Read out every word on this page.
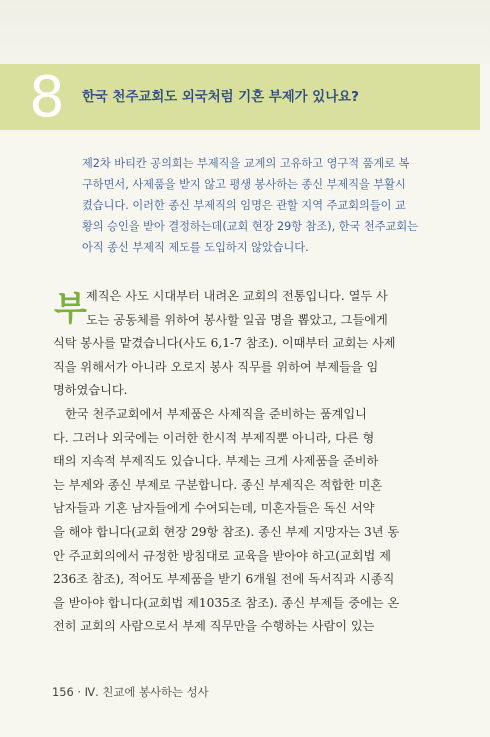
8	한국 천주교회도 외국처럼 기혼 부제가 있나요?
제2차 바티칸 공의회는 부제직을 교계의 고유하고 영구적 품계로 복
구하면서, 사제품을 받지 않고 평생 봉사하는 종신 부제직을 부활시
켰습니다. 이러한 종신 부제직의 임명은 관할 지역 주교회의들이 교
황의 승인을 받아 결정하는데(교회 현장 29항 참조), 한국 천주교회는
아직 종신 부제직 제도를 도입하지 않았습니다.
부 제직은 사도 시대부터 내려온 교회의 전통입니다. 열두 사
도는 공동체를 위하여 봉사할 일곱 명을 뽑았고, 그들에게
식탁 봉사를 맡겼습니다(사도 6,1-7 참조). 이때부터 교회는 사제
직을 위해서가 아니라 오로지 봉사 직무를 위하여 부제들을 임
명하였습니다.
한국 천주교회에서 부제품은 사제직을 준비하는 품계입니
다. 그러나 외국에는 이러한 한시적 부제직뿐 아니라, 다른 형
태의 지속적 부제직도 있습니다. 부제는 크게 사제품을 준비하
는 부제와 종신 부제로 구분합니다. 종신 부제직은 적합한 미혼
남자들과 기혼 남자들에게 수여되는데, 미혼자들은 독신 서약
을 해야 합니다(교회 현장 29항 참조). 종신 부제 지망자는 3년 동
안 주교회의에서 규정한 방침대로 교육을 받아야 하고(교회법 제
236조 참조), 적어도 부제품을 받기 6개월 전에 독서직과 시종직
을 받아야 합니다(교회법 제1035조 참조). 종신 부제들 중에는 온
전히 교회의 사람으로서 부제 직무만을 수행하는 사람이 있는
156 · Ⅳ. 친교에 봉사하는 성사
